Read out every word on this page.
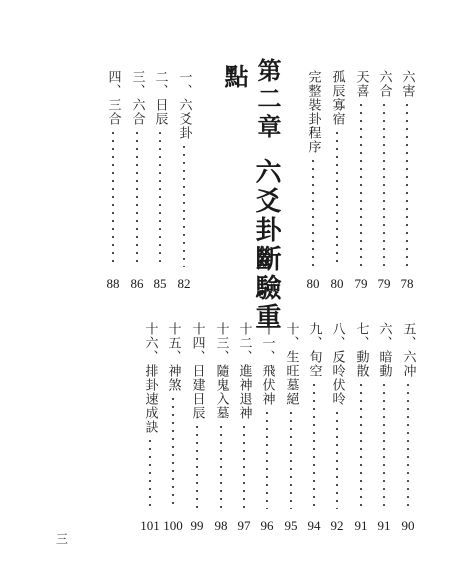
六害
78
六合
79
天喜
79
孤辰寡宿
80
完整裝卦程序
80
第二章
六爻卦斷驗重
點
一、六爻卦
82
二、日辰
85
三、六合
86
四、三合
88
五、六冲
90
六、暗動
91
七、動散
91
八、反呤伏呤
92
九、旬空
94
十、生旺墓絕
95
十一、飛伏神
96
十二、進神退神
97
十三、隨鬼入墓
98
十四、日建日辰
99
十五、神煞
100
十六、排卦速成訣
101
三
